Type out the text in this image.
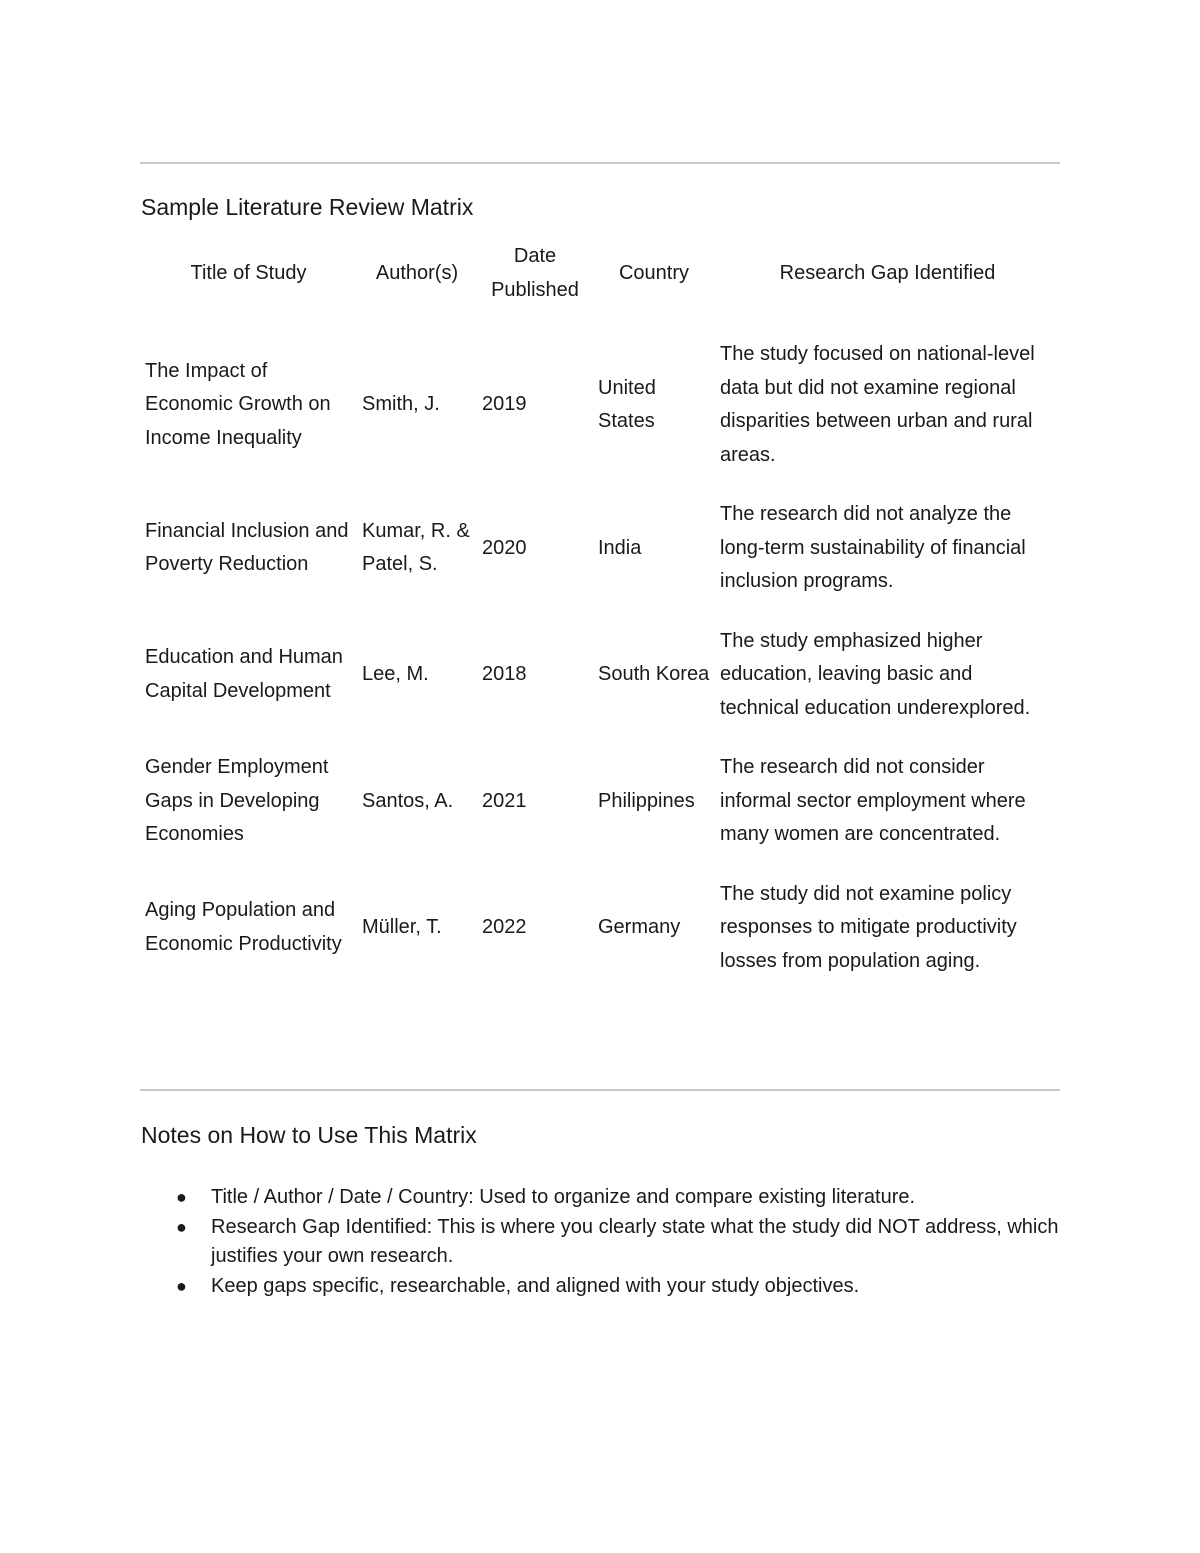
Sample Literature Review Matrix
Title of Study	Author(s)	Date Published	Country	Research Gap Identified
The Impact of Economic Growth on Income Inequality	Smith, J.	2019	United States	The study focused on national-level data but did not examine regional disparities between urban and rural areas.
Financial Inclusion and Poverty Reduction	Kumar, R. & Patel, S.	2020	India	The research did not analyze the long-term sustainability of financial inclusion programs.
Education and Human Capital Development	Lee, M.	2018	South Korea	The study emphasized higher education, leaving basic and technical education underexplored.
Gender Employment Gaps in Developing Economies	Santos, A.	2021	Philippines	The research did not consider informal sector employment where many women are concentrated.
Aging Population and Economic Productivity	Müller, T.	2022	Germany	The study did not examine policy responses to mitigate productivity losses from population aging.
Notes on How to Use This Matrix
● Title / Author / Date / Country: Used to organize and compare existing literature.
● Research Gap Identified: This is where you clearly state what the study did NOT address, which justifies your own research.
● Keep gaps specific, researchable, and aligned with your study objectives.
